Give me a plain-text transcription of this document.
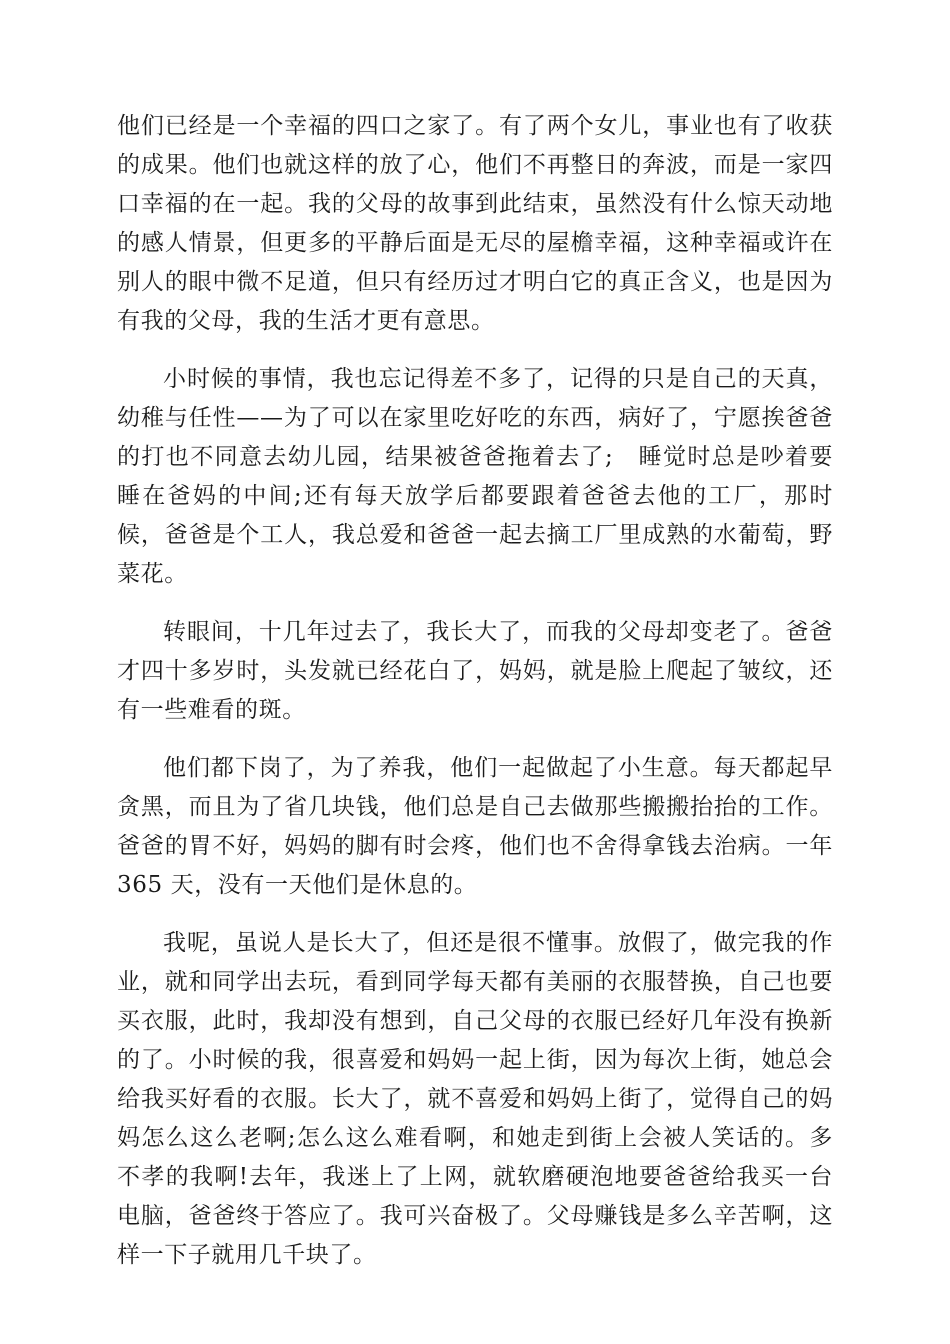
他们已经是一个幸福的四口之家了。有了两个女儿，事业也有了收获的成果。他们也就这样的放了心，他们不再整日的奔波，而是一家四口幸福的在一起。我的父母的故事到此结束，虽然没有什么惊天动地的感人情景，但更多的平静后面是无尽的屋檐幸福，这种幸福或许在别人的眼中微不足道，但只有经历过才明白它的真正含义，也是因为有我的父母，我的生活才更有意思。

小时候的事情，我也忘记得差不多了，记得的只是自己的天真，幼稚与任性——为了可以在家里吃好吃的东西，病好了，宁愿挨爸爸的打也不同意去幼儿园，结果被爸爸拖着去了;　睡觉时总是吵着要睡在爸妈的中间;还有每天放学后都要跟着爸爸去他的工厂，那时候，爸爸是个工人，我总爱和爸爸一起去摘工厂里成熟的水葡萄，野菜花。

转眼间，十几年过去了，我长大了，而我的父母却变老了。爸爸才四十多岁时，头发就已经花白了，妈妈，就是脸上爬起了皱纹，还有一些难看的斑。

他们都下岗了，为了养我，他们一起做起了小生意。每天都起早贪黑，而且为了省几块钱，他们总是自己去做那些搬搬抬抬的工作。爸爸的胃不好，妈妈的脚有时会疼，他们也不舍得拿钱去治病。一年 365 天，没有一天他们是休息的。

我呢，虽说人是长大了，但还是很不懂事。放假了，做完我的作业，就和同学出去玩，看到同学每天都有美丽的衣服替换，自己也要买衣服，此时，我却没有想到，自己父母的衣服已经好几年没有换新的了。小时候的我，很喜爱和妈妈一起上街，因为每次上街，她总会给我买好看的衣服。长大了，就不喜爱和妈妈上街了，觉得自己的妈妈怎么这么老啊;怎么这么难看啊，和她走到街上会被人笑话的。多不孝的我啊!去年，我迷上了上网，就软磨硬泡地要爸爸给我买一台电脑，爸爸终于答应了。我可兴奋极了。父母赚钱是多么辛苦啊，这样一下子就用几千块了。
